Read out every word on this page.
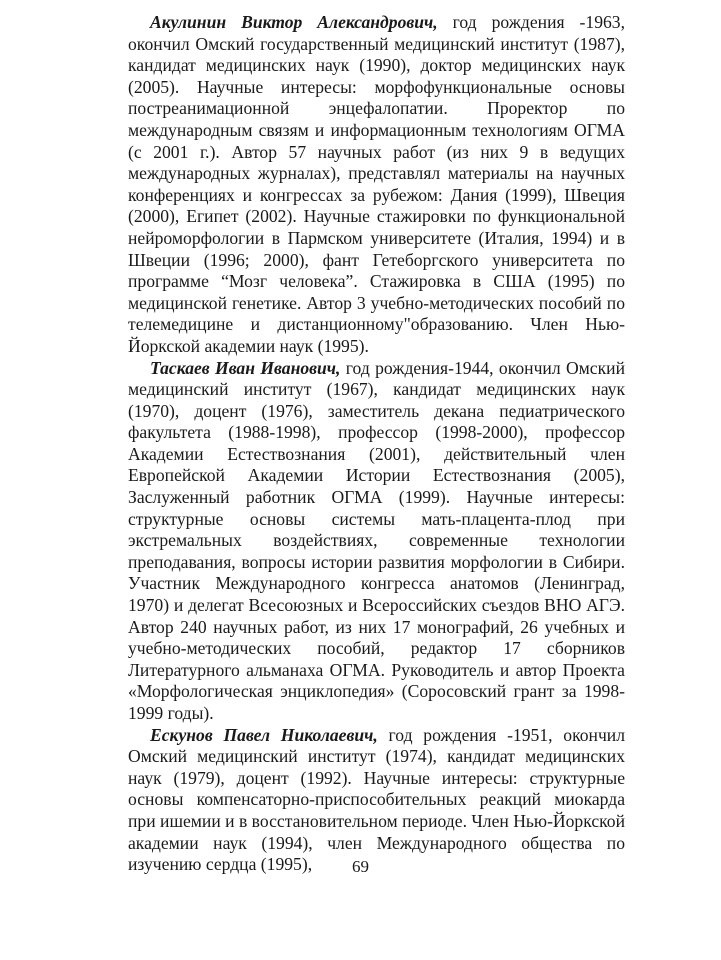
Акулинин Виктор Александрович, год рождения -1963, окончил Омский государственный медицинский институт (1987), кандидат медицинских наук (1990), доктор медицинских наук (2005). Научные интересы: морфофункциональные основы постреанимационной энцефалопатии. Проректор по международным связям и информационным технологиям ОГМА (с 2001 г.). Автор 57 научных работ (из них 9 в ведущих международных журналах), представлял материалы на научных конференциях и конгрессах за рубежом: Дания (1999), Швеция (2000), Египет (2002). Научные стажировки по функциональной нейроморфологии в Пармском университете (Италия, 1994) и в Швеции (1996; 2000), фант Гетеборгского университета по программе “Мозг человека”. Стажировка в США (1995) по медицинской генетике. Автор 3 учебно-методических пособий по телемедицине и дистанционному"образованию. Член Нью-Йоркской академии наук (1995).

Таскаев Иван Иванович, год рождения-1944, окончил Омский медицинский институт (1967), кандидат медицинских наук (1970), доцент (1976), заместитель декана педиатрического факультета (1988-1998), профессор (1998-2000), профессор Академии Естествознания (2001), действительный член Европейской Академии Истории Естествознания (2005), Заслуженный работник ОГМА (1999). Научные интересы: структурные основы системы мать-плацента-плод при экстремальных воздействиях, современные технологии преподавания, вопросы истории развития морфологии в Сибири. Участник Международного конгресса анатомов (Ленинград, 1970) и делегат Всесоюзных и Всероссийских съездов ВНО АГЭ. Автор 240 научных работ, из них 17 монографий, 26 учебных и учебно-методических пособий, редактор 17 сборников Литературного альманаха ОГМА. Руководитель и автор Проекта «Морфологическая энциклопедия» (Соросовский грант за 1998-1999 годы).

Ескунов Павел Николаевич, год рождения -1951, окончил Омский медицинский институт (1974), кандидат медицинских наук (1979), доцент (1992). Научные интересы: структурные основы компенсаторно-приспособительных реакций миокарда при ишемии и в восстановительном периоде. Член Нью-Йоркской академии наук (1994), член Международного общества по изучению сердца (1995),	69
